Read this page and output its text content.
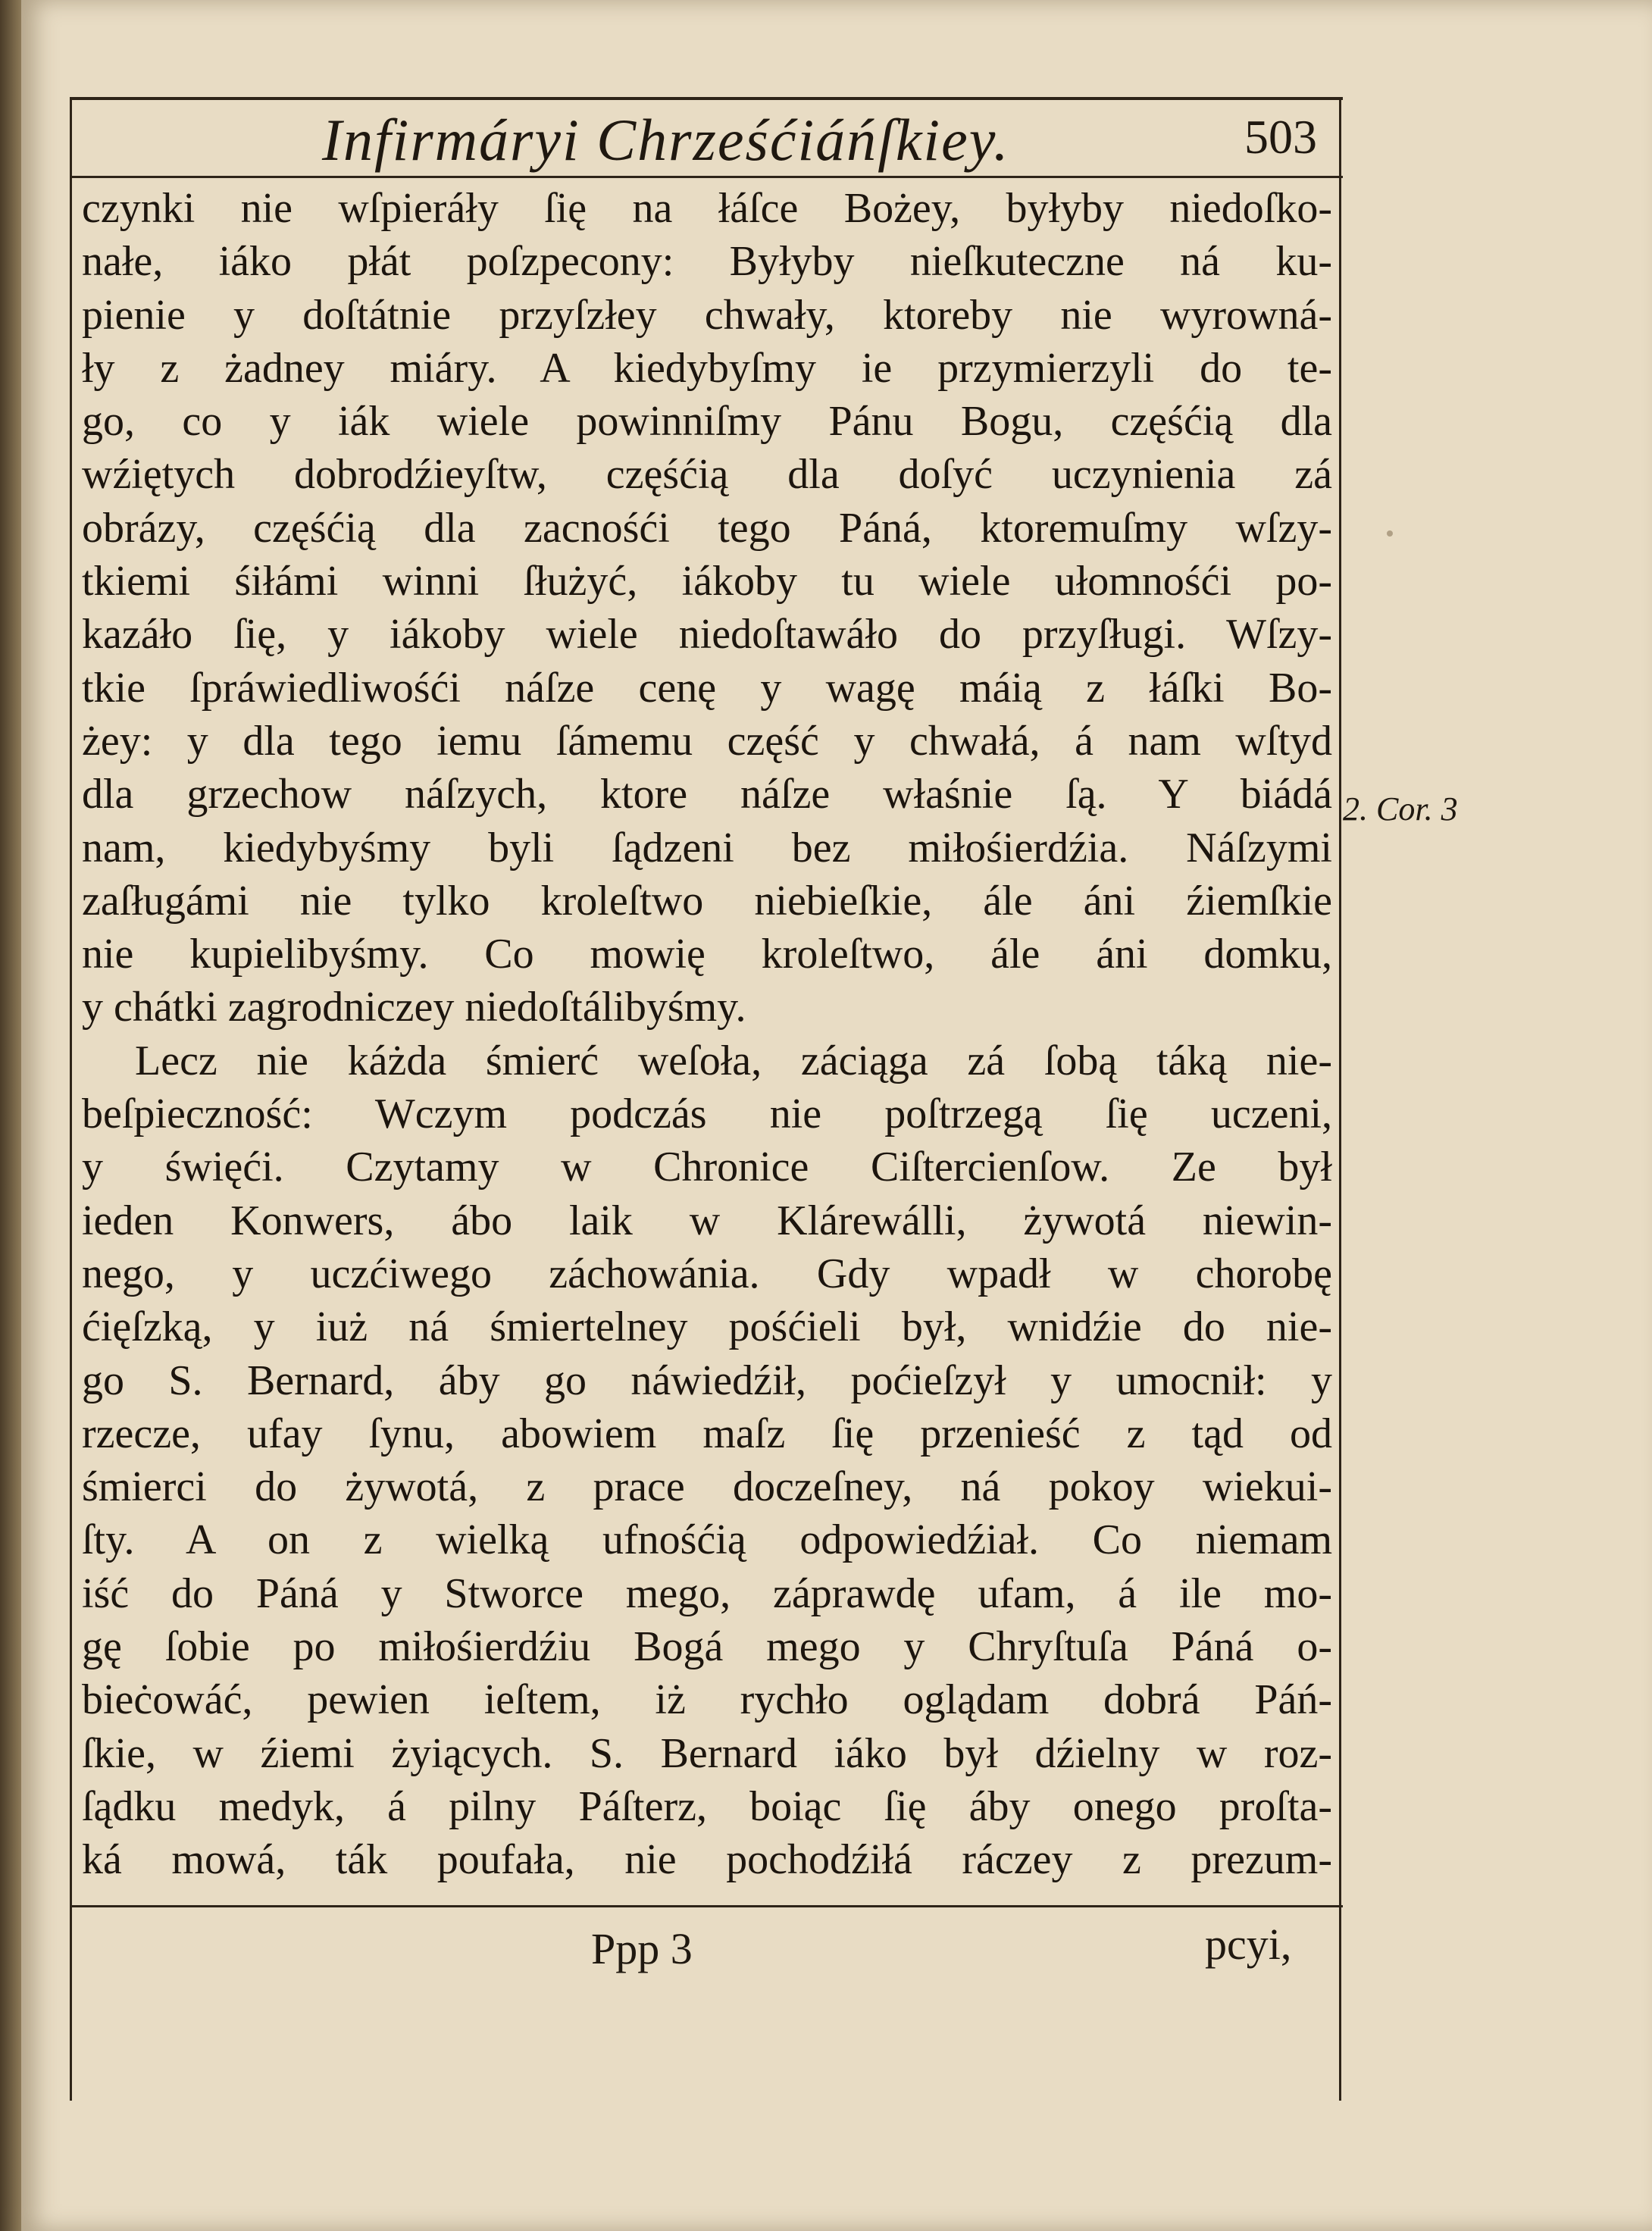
Infirmáryi Chrześćiáńſkiey.	503
czynki nie wſpieráły ſię na łáſce Bożey, byłyby niedoſko-
nałe, iáko płát poſzpecony: Byłyby nieſkuteczne ná ku-
pienie y doſtátnie przyſzłey chwały, ktoreby nie wyrowná-
ły z żadney miáry. A kiedybyſmy ie przymierzyli do te-
go, co y iák wiele powinniſmy Pánu Bogu, częśćią dla
wźiętych dobrodźieyſtw, częśćią dla doſyć uczynienia zá
obrázy, częśćią dla zacnośći tego Páná, ktoremuſmy wſzy-
tkiemi śiłámi winni ſłużyć, iákoby tu wiele ułomnośći po-
kazáło ſię, y iákoby wiele niedoſtawáło do przyſługi. Wſzy-
tkie ſpráwiedliwośći náſze cenę y wagę máią z łáſki Bo-
żey: y dla tego iemu ſámemu część y chwałá, á nam wſtyd
dla grzechow náſzych, ktore náſze właśnie ſą. Y biádá
nam, kiedybyśmy byli ſądzeni bez miłośierdźia. Náſzymi
zaſługámi nie tylko kroleſtwo niebieſkie, ále áni źiemſkie
nie kupielibyśmy. Co mowię kroleſtwo, ále áni domku,
y chátki zagrodniczey niedoſtálibyśmy.
Lecz nie káżda śmierć weſoła, záciąga zá ſobą táką nie-
beſpieczność: Wczym podczás nie poſtrzegą ſię uczeni,
y święći. Czytamy w Chronice Ciſtercienſow. Ze był
ieden Konwers, ábo laik w Klárewálli, żywotá niewin-
nego, y uczćiwego záchowánia. Gdy wpadł w chorobę
ćięſzką, y iuż ná śmiertelney pośćieli był, wnidźie do nie-
go S. Bernard, áby go náwiedźił, poćieſzył y umocnił: y
rzecze, ufay ſynu, abowiem maſz ſię przenieść z tąd od
śmierci do żywotá, z prace doczeſney, ná pokoy wiekui-
ſty. A on z wielką ufnośćią odpowiedźiał. Co niemam
iść do Páná y Stworce mego, záprawdę ufam, á ile mo-
gę ſobie po miłośierdźiu Bogá mego y Chryſtuſa Páná o-
bieċowáć, pewien ieſtem, iż rychło oglądam dobrá Páń-
ſkie, w źiemi żyiących. S. Bernard iáko był dźielny w roz-
ſądku medyk, á pilny Páſterz, boiąc ſię áby onego proſta-
ká mowá, ták poufała, nie pochodźiłá ráczey z prezum-
2. Cor. 3
Ppp 3	pcyi,
